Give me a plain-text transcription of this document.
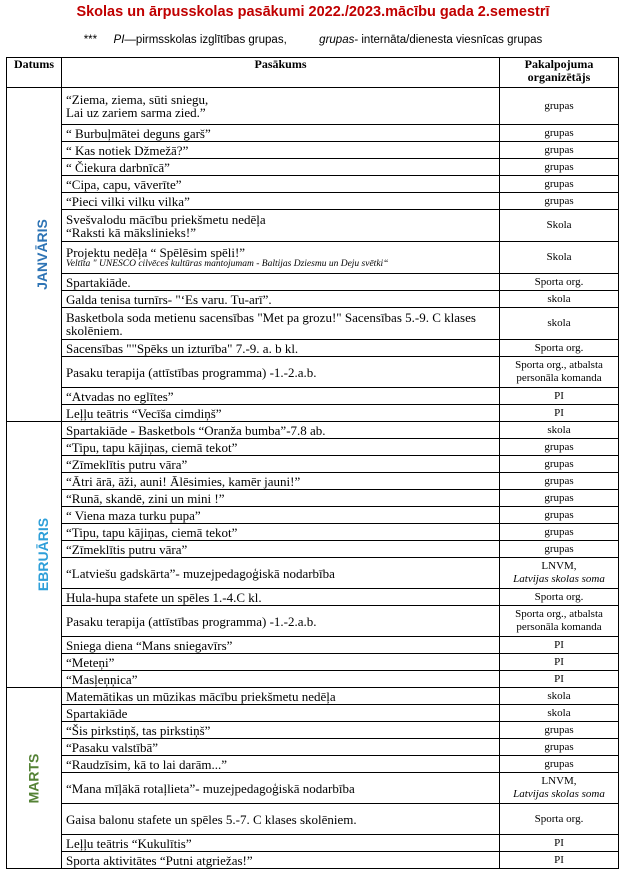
Skolas un ārpusskolas pasākumi 2022./2023.mācību gada 2.semestrī
*** PI—pirmsskolas izglītības grupas,	grupas- internāta/dienesta viesnīcas grupas
Datums	Pasākums	Pakalpojuma organizētājs
JANVĀRIS	“Ziema, ziema, sūti sniegu,
Lai uz zariem sarma zied.”	grupas

	“ Burbuļmātei deguns garš”	grupas

	“ Kas notiek Džmežā?”	grupas

	“ Čiekura darbnīcā”	grupas

	“Cipa, capu, vāverīte”	grupas

	“Pieci vilki vilku vilka”	grupas

	Svešvalodu mācību priekšmetu nedēļa
“Raksti kā mākslinieks!”	Skola

	Projektu nedēļa “ Spēlēsim spēli!”
Veltīta " UNESCO cilvēces kultūras mantojumam - Baltijas Dziesmu un Deju svētki“	Skola

	Spartakiāde.	Sporta org.

	Galda tenisa turnīrs- "‘Es varu. Tu-arī”.	skola

	Basketbola soda metienu sacensības "Met pa grozu!" Sacensības 5.-9. C klases skolēniem.	skola

	Sacensības ""Spēks un izturība" 7.-9. a. b kl.	Sporta org.

	Pasaku terapija (attīstības programma) -1.-2.a.b.	Sporta org., atbalsta
personāla komanda

	“Atvadas no eglītes”	PI

	Leļļu teātris “Vecīša cimdiņš”	PI

EBRUĀRIS	Spartakiāde - Basketbols “Oranža bumba”-7.8 ab.	skola

	“Tipu, tapu kājiņas, ciemā tekot”	grupas

	“Zīmeklītis putru vāra”	grupas

	“Ātri ārā, āži, auni! Ālēsimies, kamēr jauni!”	grupas

	“Runā, skandē, zini un mini !”	grupas

	“ Viena maza turku pupa”	grupas

	“Tipu, tapu kājiņas, ciemā tekot”	grupas

	“Zīmeklītis putru vāra”	grupas

	“Latviešu gadskārta”- muzejpedagoģiskā nodarbība	LNVM,
Latvijas skolas soma

	Hula-hupa stafete un spēles 1.-4.C kl.	Sporta org.

	Pasaku terapija (attīstības programma) -1.-2.a.b.	Sporta org., atbalsta
personāla komanda

	Sniega diena “Mans sniegavīrs”	PI

	“Meteņi”	PI

	“Masļeņņica”	PI

MARTS	Matemātikas un mūzikas mācību priekšmetu nedēļa	skola

	Spartakiāde	skola

	“Šis pirkstiņš, tas pirkstiņš”	grupas

	“Pasaku valstībā”	grupas

	“Raudzīsim, kā to lai darām...”	grupas

	“Mana mīļākā rotaļlieta”- muzejpedagoģiskā nodarbība	LNVM,
Latvijas skolas soma

	Gaisa balonu stafete un spēles 5.-7. C klases skolēniem.	Sporta org.

	Leļļu teātris “Kukulītis”	PI

	Sporta aktivitātes “Putni atgriežas!”	PI
